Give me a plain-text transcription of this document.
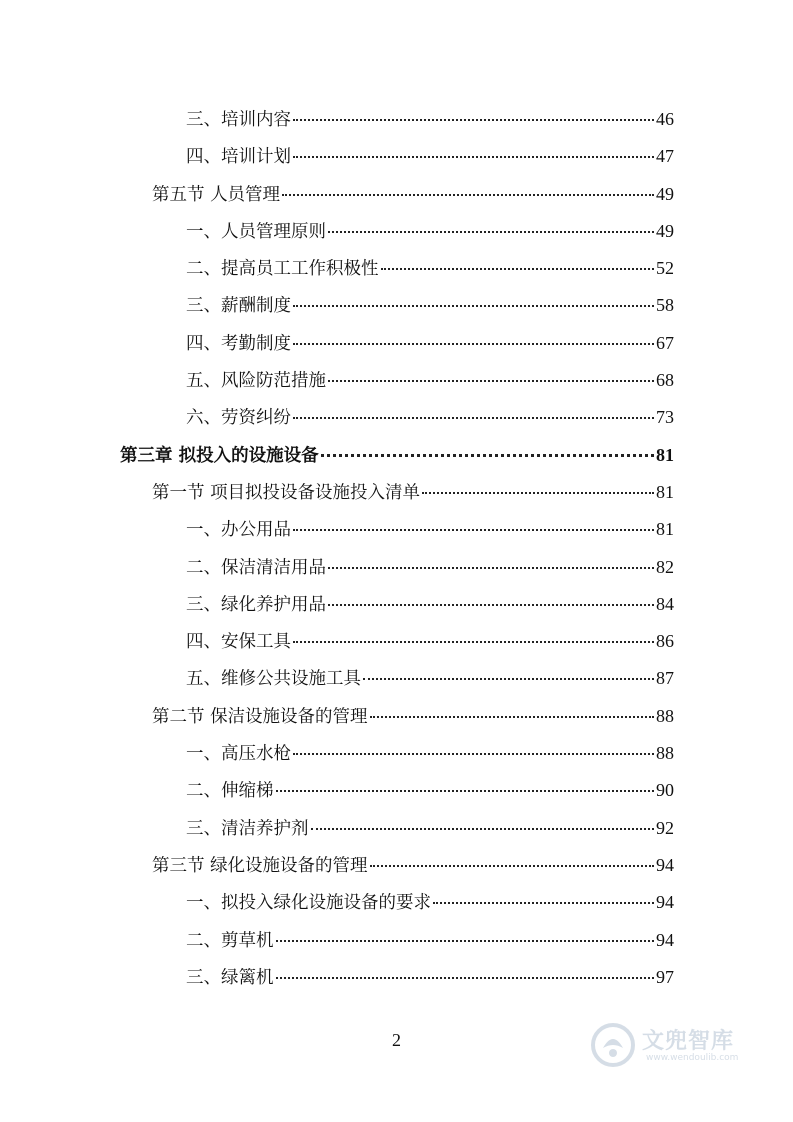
三、培训内容	46
四、培训计划	47
第五节 人员管理	49
一、人员管理原则	49
二、提高员工工作积极性	52
三、薪酬制度	58
四、考勤制度	67
五、风险防范措施	68
六、劳资纠纷	73
第三章 拟投入的设施设备	81
第一节 项目拟投设备设施投入清单	81
一、办公用品	81
二、保洁清洁用品	82
三、绿化养护用品	84
四、安保工具	86
五、维修公共设施工具	87
第二节 保洁设施设备的管理	88
一、高压水枪	88
二、伸缩梯	90
三、清洁养护剂	92
第三节 绿化设施设备的管理	94
一、拟投入绿化设施设备的要求	94
二、剪草机	94
三、绿篱机	97
2	文兜智库
www.wendoulib.com
